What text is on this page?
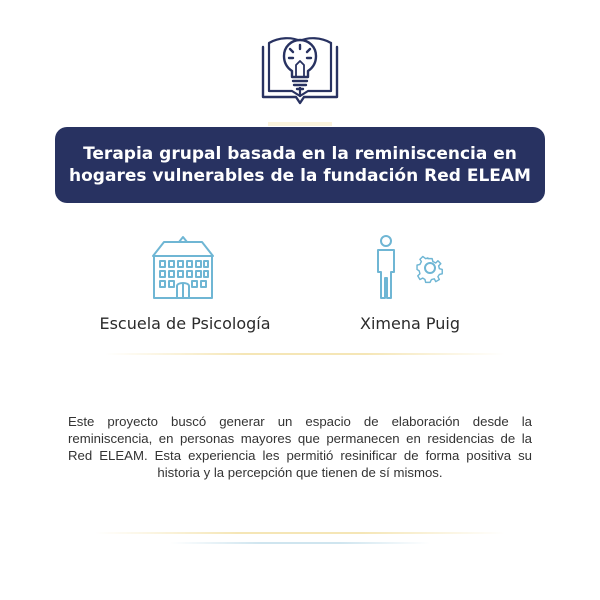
Terapia grupal basada en la reminiscencia en hogares vulnerables de la fundación Red ELEAM
Escuela de Psicología	Ximena Puig
Este proyecto buscó generar un espacio de elaboración desde la reminiscencia, en personas mayores que permanecen en residencias de la Red ELEAM. Esta experiencia les permitió resinificar de forma positiva su historia y la percepción que tienen de sí mismos.
